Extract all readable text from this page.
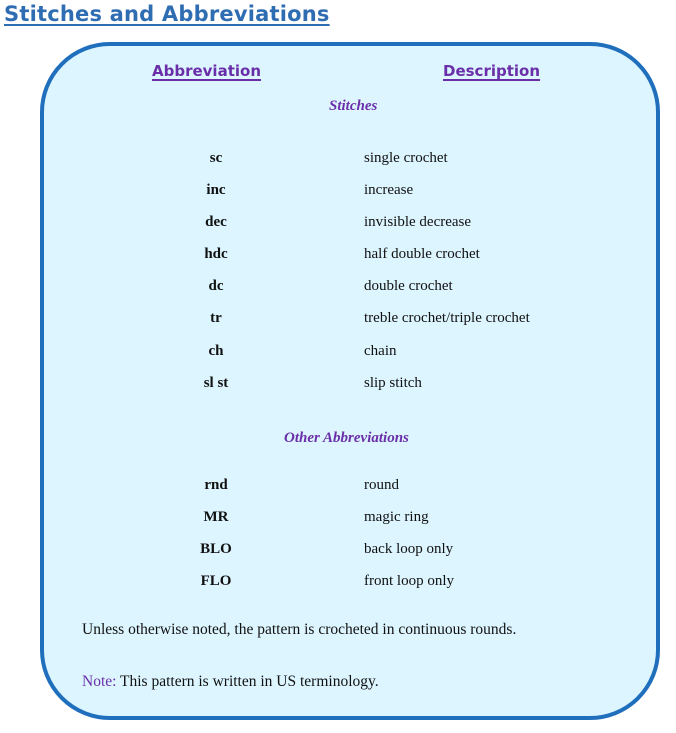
Stitches and Abbreviations
Abbreviation	Description
Stitches
sc	single crochet
inc	increase
dec	invisible decrease
hdc	half double crochet
dc	double crochet
tr	treble crochet/triple crochet
ch	chain
sl st	slip stitch
Other Abbreviations
rnd	round
MR	magic ring
BLO	back loop only
FLO	front loop only
Unless otherwise noted, the pattern is crocheted in continuous rounds.
Note: This pattern is written in US terminology.
